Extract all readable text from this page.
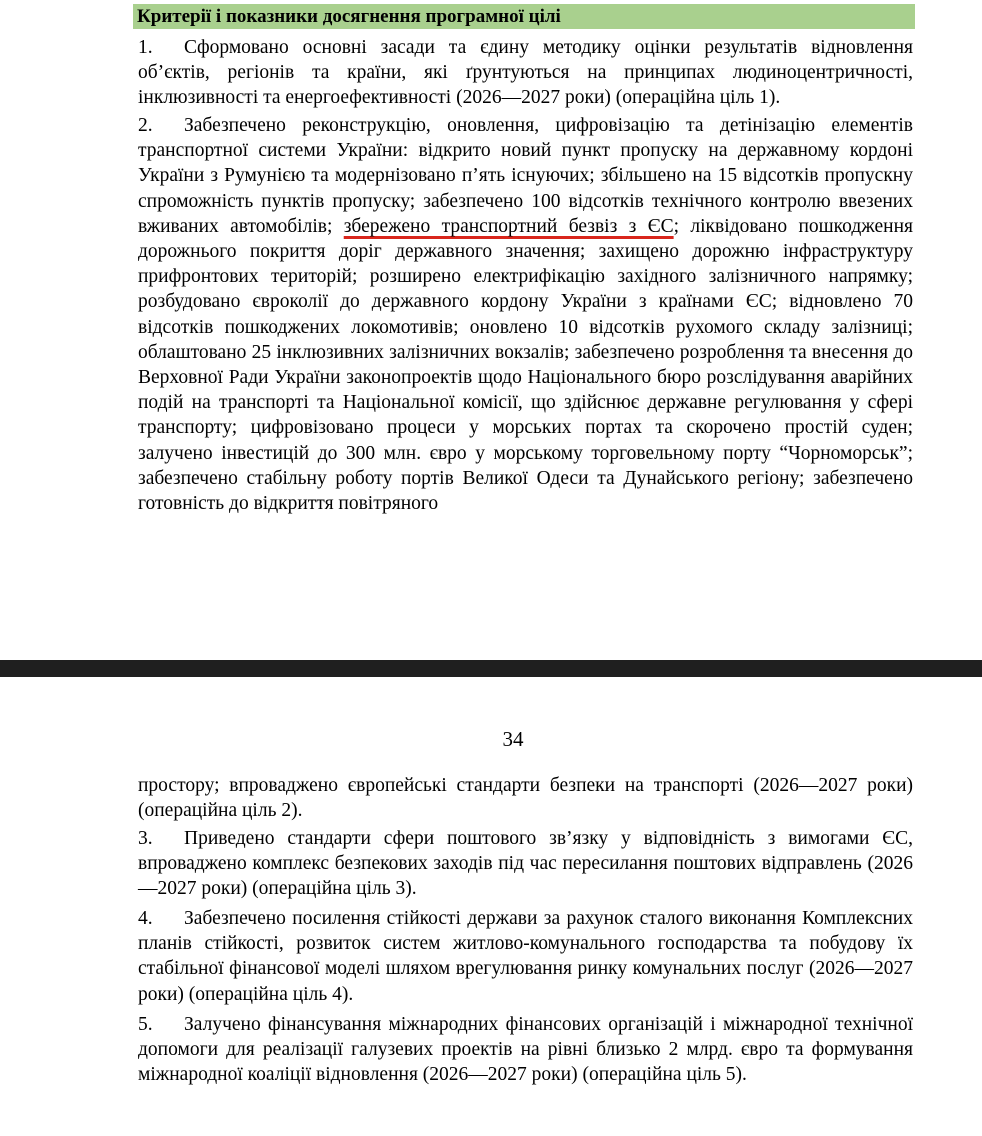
Критерії і показники досягнення програмної цілі
1. Сформовано основні засади та єдину методику оцінки результатів відновлення об’єктів, регіонів та країни, які ґрунтуються на принципах людиноцентричності, інклюзивності та енергоефективності (2026—2027 роки) (операційна ціль 1).
2. Забезпечено реконструкцію, оновлення, цифровізацію та детінізацію елементів транспортної системи України: відкрито новий пункт пропуску на державному кордоні України з Румунією та модернізовано п’ять існуючих; збільшено на 15 відсотків пропускну спроможність пунктів пропуску; забезпечено 100 відсотків технічного контролю ввезених вживаних автомобілів; збережено транспортний безвіз з ЄС; ліквідовано пошкодження дорожнього покриття доріг державного значення; захищено дорожню інфраструктуру прифронтових територій; розширено електрифікацію західного залізничного напрямку; розбудовано євроколії до державного кордону України з країнами ЄС; відновлено 70 відсотків пошкоджених локомотивів; оновлено 10 відсотків рухомого складу залізниці; облаштовано 25 інклюзивних залізничних вокзалів; забезпечено розроблення та внесення до Верховної Ради України законопроектів щодо Національного бюро розслідування аварійних подій на транспорті та Національної комісії, що здійснює державне регулювання у сфері транспорту; цифровізовано процеси у морських портах та скорочено простій суден; залучено інвестицій до 300 млн. євро у морському торговельному порту “Чорноморськ”; забезпечено стабільну роботу портів Великої Одеси та Дунайського регіону; забезпечено готовність до відкриття повітряного
34
простору; впроваджено європейські стандарти безпеки на транспорті (2026—2027 роки) (операційна ціль 2).
3. Приведено стандарти сфери поштового зв’язку у відповідність з вимогами ЄС, впроваджено комплекс безпекових заходів під час пересилання поштових відправлень (2026—2027 роки) (операційна ціль 3).
4. Забезпечено посилення стійкості держави за рахунок сталого виконання Комплексних планів стійкості, розвиток систем житлово-комунального господарства та побудову їх стабільної фінансової моделі шляхом врегулювання ринку комунальних послуг (2026—2027 роки) (операційна ціль 4).
5. Залучено фінансування міжнародних фінансових організацій і міжнародної технічної допомоги для реалізації галузевих проектів на рівні близько 2 млрд. євро та формування міжнародної коаліції відновлення (2026—2027 роки) (операційна ціль 5).
